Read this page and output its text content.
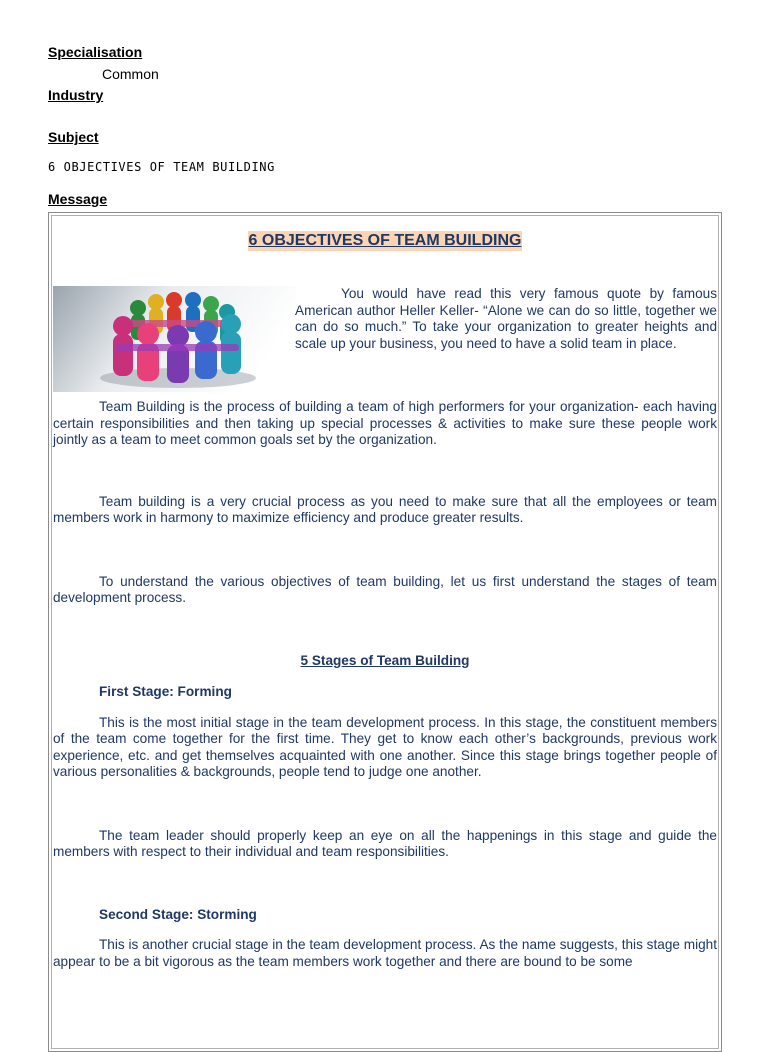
Specialisation
Common
Industry
Subject
6 OBJECTIVES OF TEAM BUILDING
Message
6 OBJECTIVES OF TEAM BUILDING
You would have read this very famous quote by famous American author Heller Keller- “Alone we can do so little, together we can do so much.” To take your organization to greater heights and scale up your business, you need to have a solid team in place.

Team Building is the process of building a team of high performers for your organization- each having certain responsibilities and then taking up special processes & activities to make sure these people work jointly as a team to meet common goals set by the organization.

Team building is a very crucial process as you need to make sure that all the employees or team members work in harmony to maximize efficiency and produce greater results.

To understand the various objectives of team building, let us first understand the stages of team development process.

5 Stages of Team Building
First Stage: Forming

This is the most initial stage in the team development process. In this stage, the constituent members of the team come together for the first time. They get to know each other’s backgrounds, previous work experience, etc. and get themselves acquainted with one another. Since this stage brings together people of various personalities & backgrounds, people tend to judge one another.

The team leader should properly keep an eye on all the happenings in this stage and guide the members with respect to their individual and team responsibilities.

Second Stage: Storming

This is another crucial stage in the team development process. As the name suggests, this stage might appear to be a bit vigorous as the team members work together and there are bound to be some
